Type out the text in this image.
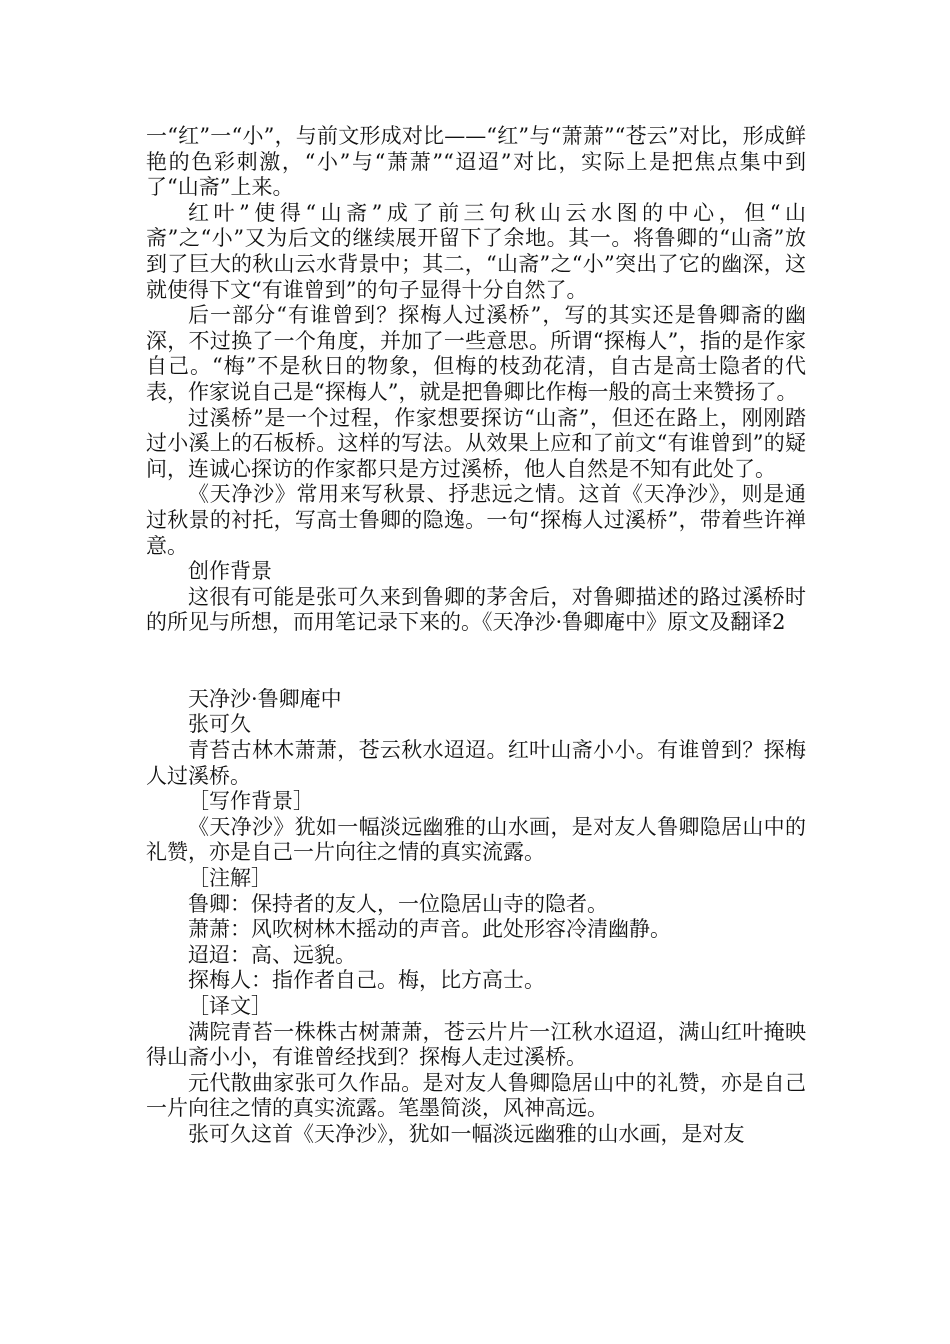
一“红”一“小”，与前文形成对比——“红”与“萧萧”“苍云”对比，形成鲜艳的色彩刺激，“小”与“萧萧”“迢迢”对比，实际上是把焦点集中到了“山斋”上来。

红叶”使得“山斋”成了前三句秋山云水图的中心，但“山斋”之“小”又为后文的继续展开留下了余地。其一。将鲁卿的“山斋”放到了巨大的秋山云水背景中；其二，“山斋”之“小”突出了它的幽深，这就使得下文“有谁曾到”的句子显得十分自然了。

后一部分“有谁曾到？探梅人过溪桥”，写的其实还是鲁卿斋的幽深，不过换了一个角度，并加了一些意思。所谓“探梅人”，指的是作家自己。“梅”不是秋日的物象，但梅的枝劲花清，自古是高士隐者的代表，作家说自己是“探梅人”，就是把鲁卿比作梅一般的高士来赞扬了。

过溪桥”是一个过程，作家想要探访“山斋”，但还在路上，刚刚踏过小溪上的石板桥。这样的写法。从效果上应和了前文“有谁曾到”的疑问，连诚心探访的作家都只是方过溪桥，他人自然是不知有此处了。

《天净沙》常用来写秋景、抒悲远之情。这首《天净沙》，则是通过秋景的衬托，写高士鲁卿的隐逸。一句“探梅人过溪桥”，带着些许禅意。

创作背景

这很有可能是张可久来到鲁卿的茅舍后，对鲁卿描述的路过溪桥时的所见与所想，而用笔记录下来的。《天净沙·鲁卿庵中》原文及翻译2

天净沙·鲁卿庵中

张可久

青苔古林木萧萧，苍云秋水迢迢。红叶山斋小小。有谁曾到？探梅人过溪桥。

［写作背景］

《天净沙》犹如一幅淡远幽雅的山水画，是对友人鲁卿隐居山中的礼赞，亦是自己一片向往之情的真实流露。

［注解］

鲁卿：保持者的友人，一位隐居山寺的隐者。

萧萧：风吹树林木摇动的声音。此处形容冷清幽静。

迢迢：高、远貌。

探梅人：指作者自己。梅，比方高士。

［译文］

满院青苔一株株古树萧萧，苍云片片一江秋水迢迢，满山红叶掩映得山斋小小，有谁曾经找到？探梅人走过溪桥。

元代散曲家张可久作品。是对友人鲁卿隐居山中的礼赞，亦是自己一片向往之情的真实流露。笔墨简淡，风神高远。

张可久这首《天净沙》，犹如一幅淡远幽雅的山水画，是对友
